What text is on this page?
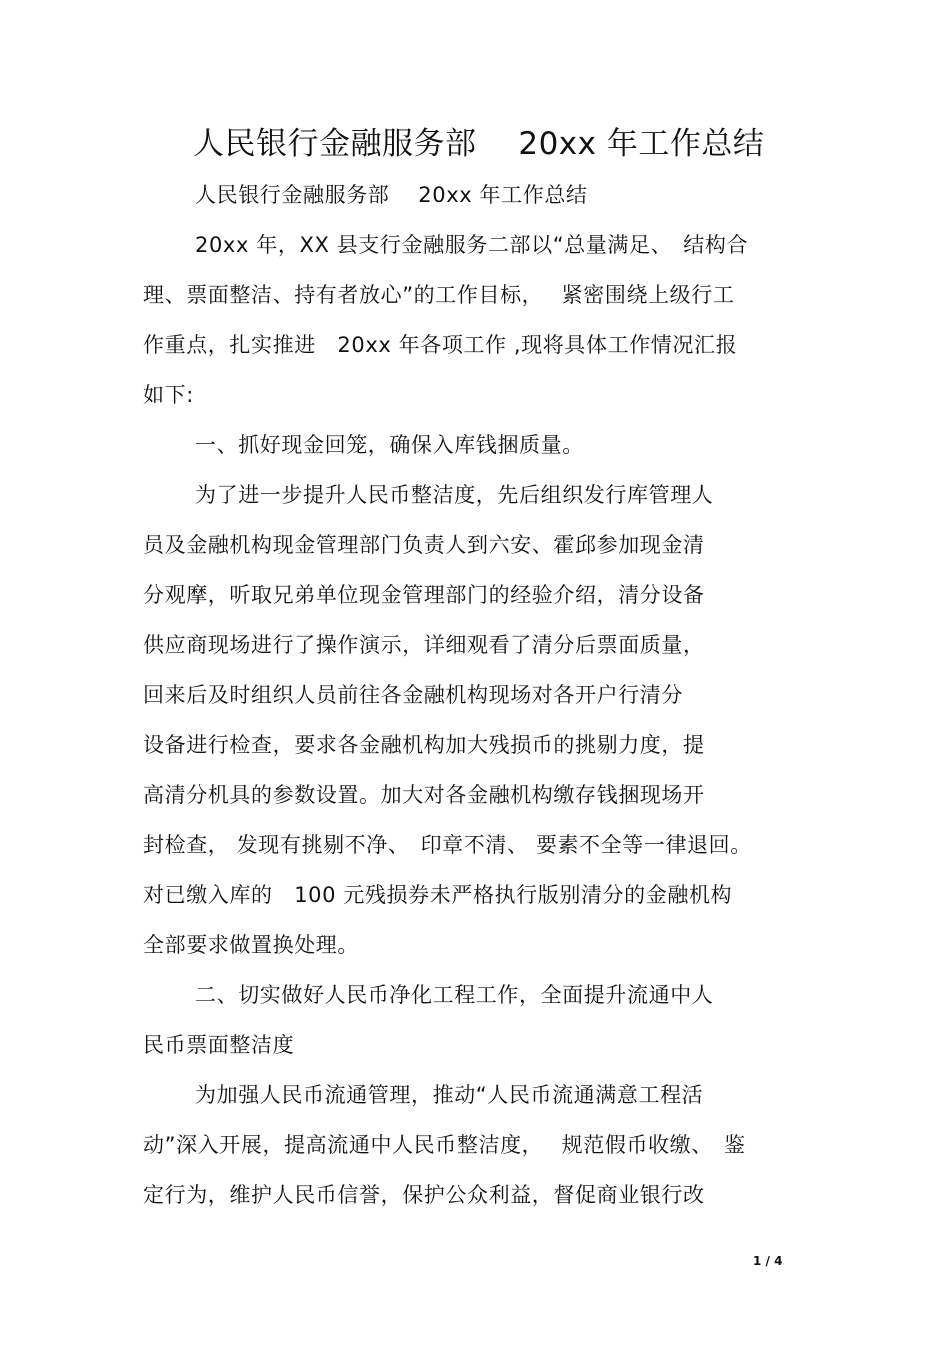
人民银行金融服务部　 20xx 年工作总结
人民银行金融服务部　 20xx 年工作总结
20xx 年，XX 县支行金融服务二部以“总量满足、　结构合
理、票面整洁、持有者放心”的工作目标，　 紧密围绕上级行工
作重点，扎实推进　20xx 年各项工作 ,现将具体工作情况汇报
如下:
一、抓好现金回笼，确保入库钱捆质量。
为了进一步提升人民币整洁度，先后组织发行库管理人
员及金融机构现金管理部门负责人到六安、霍邱参加现金清
分观摩，听取兄弟单位现金管理部门的经验介绍，清分设备
供应商现场进行了操作演示，详细观看了清分后票面质量，
回来后及时组织人员前往各金融机构现场对各开户行清分
设备进行检查，要求各金融机构加大残损币的挑剔力度，提
高清分机具的参数设置。加大对各金融机构缴存钱捆现场开
封检查， 发现有挑剔不净、　印章不清、 要素不全等一律退回。
对已缴入库的　100 元残损券未严格执行版别清分的金融机构
全部要求做置换处理。
二、切实做好人民币净化工程工作，全面提升流通中人
民币票面整洁度
为加强人民币流通管理，推动“人民币流通满意工程活
动”深入开展，提高流通中人民币整洁度，　 规范假币收缴、　鉴
定行为，维护人民币信誉，保护公众利益，督促商业银行改
1 / 4
